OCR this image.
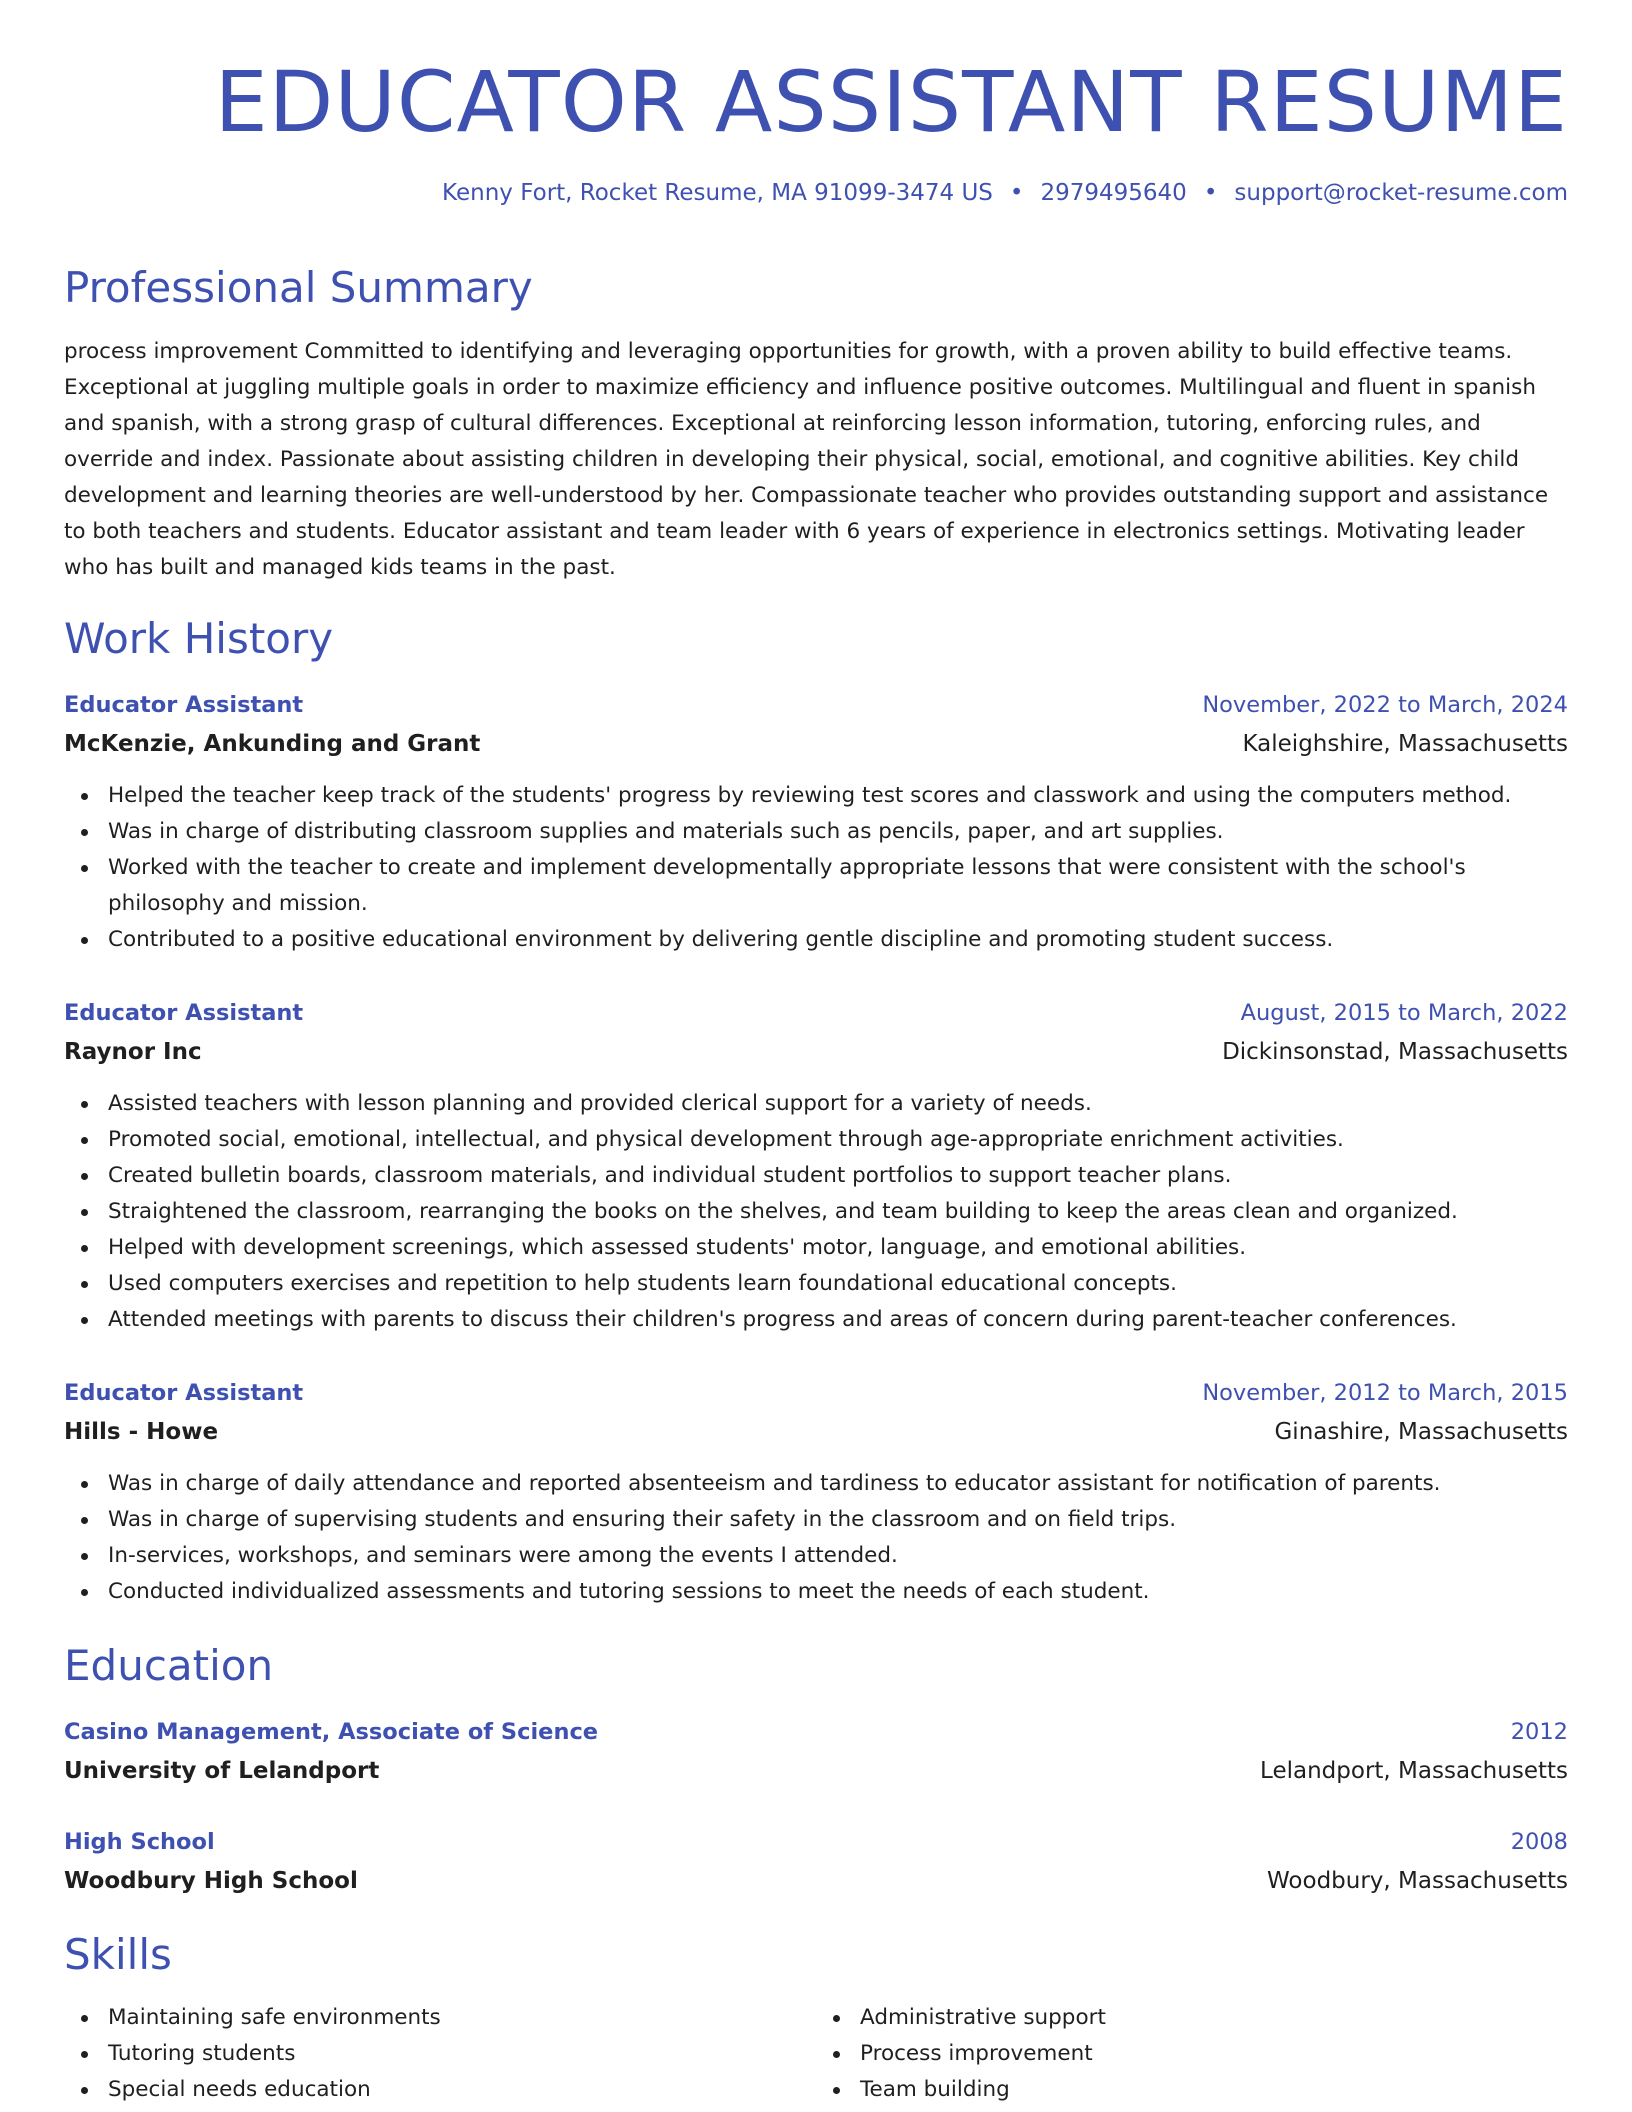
EDUCATOR ASSISTANT RESUME
Kenny Fort, Rocket Resume, MA 91099-3474 US • 2979495640 • support@rocket-resume.com
Professional Summary

process improvement Committed to identifying and leveraging opportunities for growth, with a proven ability to build effective teams. Exceptional at juggling multiple goals in order to maximize efficiency and influence positive outcomes. Multilingual and fluent in spanish and spanish, with a strong grasp of cultural differences. Exceptional at reinforcing lesson information, tutoring, enforcing rules, and override and index. Passionate about assisting children in developing their physical, social, emotional, and cognitive abilities. Key child development and learning theories are well-understood by her. Compassionate teacher who provides outstanding support and assistance to both teachers and students. Educator assistant and team leader with 6 years of experience in electronics settings. Motivating leader who has built and managed kids teams in the past.

Work History
Educator Assistant	November, 2022 to March, 2024
McKenzie, Ankunding and Grant	Kaleighshire, Massachusetts
Helped the teacher keep track of the students' progress by reviewing test scores and classwork and using the computers method.
Was in charge of distributing classroom supplies and materials such as pencils, paper, and art supplies.
Worked with the teacher to create and implement developmentally appropriate lessons that were consistent with the school's philosophy and mission.
Contributed to a positive educational environment by delivering gentle discipline and promoting student success.
Educator Assistant	August, 2015 to March, 2022
Raynor Inc	Dickinsonstad, Massachusetts
Assisted teachers with lesson planning and provided clerical support for a variety of needs.
Promoted social, emotional, intellectual, and physical development through age-appropriate enrichment activities.
Created bulletin boards, classroom materials, and individual student portfolios to support teacher plans.
Straightened the classroom, rearranging the books on the shelves, and team building to keep the areas clean and organized.
Helped with development screenings, which assessed students' motor, language, and emotional abilities.
Used computers exercises and repetition to help students learn foundational educational concepts.
Attended meetings with parents to discuss their children's progress and areas of concern during parent-teacher conferences.
Educator Assistant	November, 2012 to March, 2015
Hills - Howe	Ginashire, Massachusetts
Was in charge of daily attendance and reported absenteeism and tardiness to educator assistant for notification of parents.
Was in charge of supervising students and ensuring their safety in the classroom and on field trips.
In-services, workshops, and seminars were among the events I attended.
Conducted individualized assessments and tutoring sessions to meet the needs of each student.
Education
Casino Management, Associate of Science	2012
University of Lelandport	Lelandport, Massachusetts
High School	2008
Woodbury High School	Woodbury, Massachusetts
Skills
Maintaining safe environments
Tutoring students
Special needs education
Administrative support
Process improvement
Team building
